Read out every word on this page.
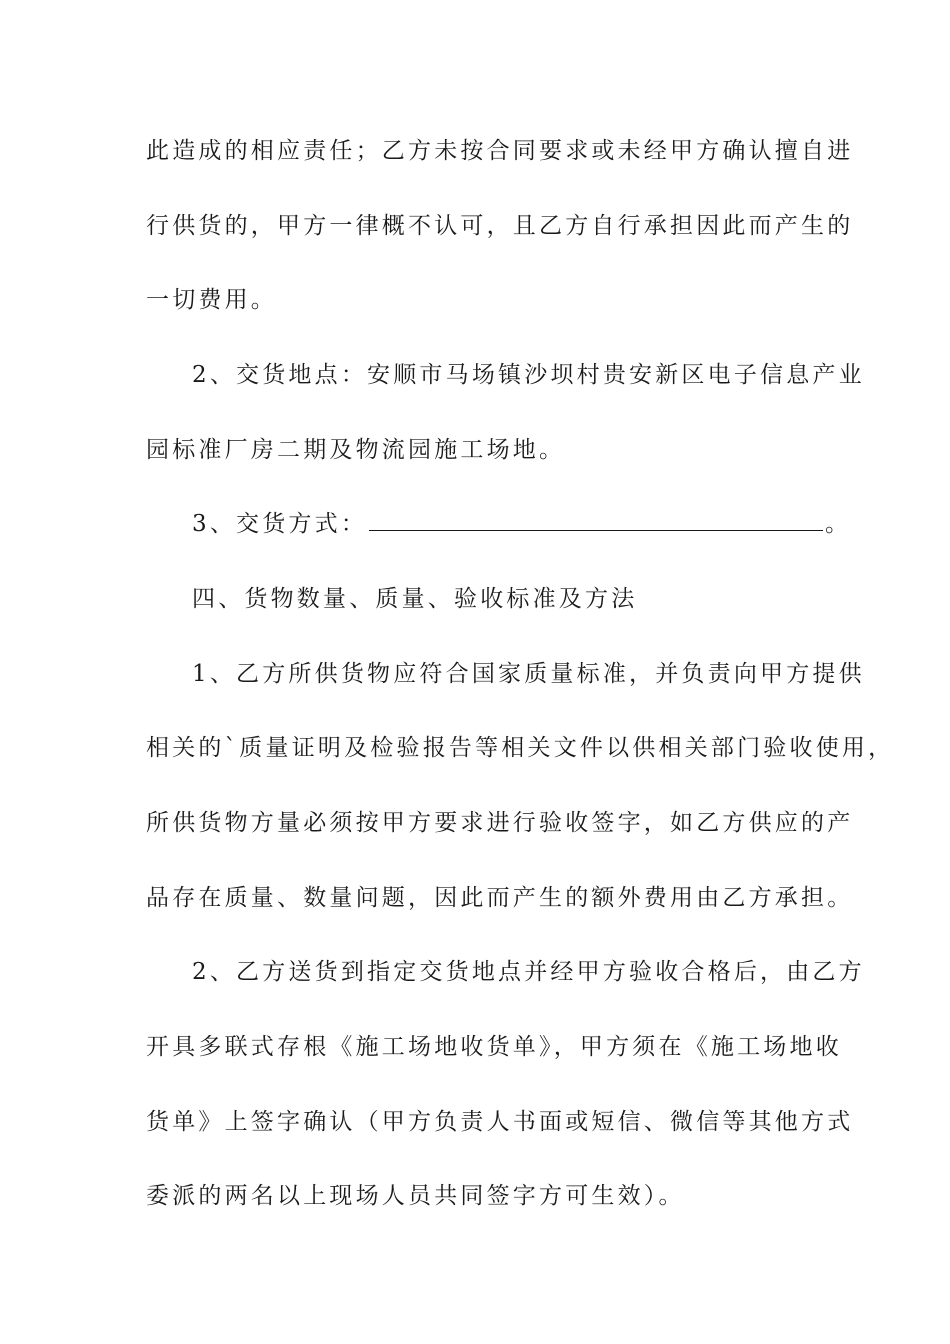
此造成的相应责任；乙方未按合同要求或未经甲方确认擅自进
行供货的，甲方一律概不认可，且乙方自行承担因此而产生的
一切费用。
2、交货地点：安顺市马场镇沙坝村贵安新区电子信息产业
园标准厂房二期及物流园施工场地。
3、交货方式：	。
四、货物数量、质量、验收标准及方法
1、乙方所供货物应符合国家质量标准，并负责向甲方提供
相关的`质量证明及检验报告等相关文件以供相关部门验收使用，
所供货物方量必须按甲方要求进行验收签字，如乙方供应的产
品存在质量、数量问题，因此而产生的额外费用由乙方承担。
2、乙方送货到指定交货地点并经甲方验收合格后，由乙方
开具多联式存根《施工场地收货单》，甲方须在《施工场地收
货单》上签字确认（甲方负责人书面或短信、微信等其他方式
委派的两名以上现场人员共同签字方可生效）。
